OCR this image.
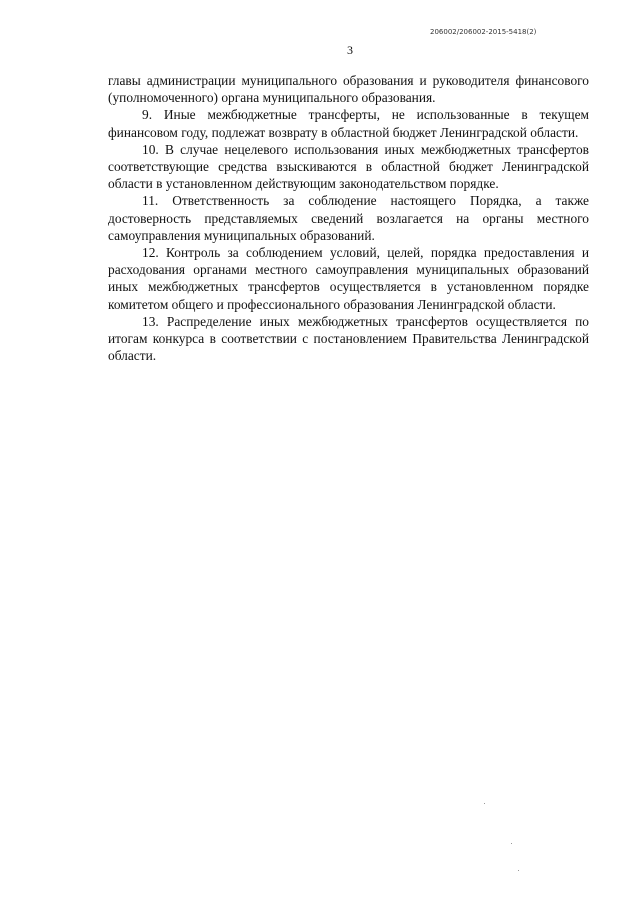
206002/206002-2015-5418(2)
3

главы администрации муниципального образования и руководителя финансового (уполномоченного) органа муниципального образования.

9. Иные межбюджетные трансферты, не использованные в текущем финансовом году, подлежат возврату в областной бюджет Ленинградской области.

10. В случае нецелевого использования иных межбюджетных трансфертов соответствующие средства взыскиваются в областной бюджет Ленинградской области в установленном действующим законодательством порядке.

11. Ответственность за соблюдение настоящего Порядка, а также достоверность представляемых сведений возлагается на органы местного самоуправления муниципальных образований.

12. Контроль за соблюдением условий, целей, порядка предоставления и расходования органами местного самоуправления муниципальных образований иных межбюджетных трансфертов осуществляется в установленном порядке комитетом общего и профессионального образования Ленинградской области.

13. Распределение иных межбюджетных трансфертов осуществляется по итогам конкурса в соответствии с постановлением Правительства Ленинградской области.
